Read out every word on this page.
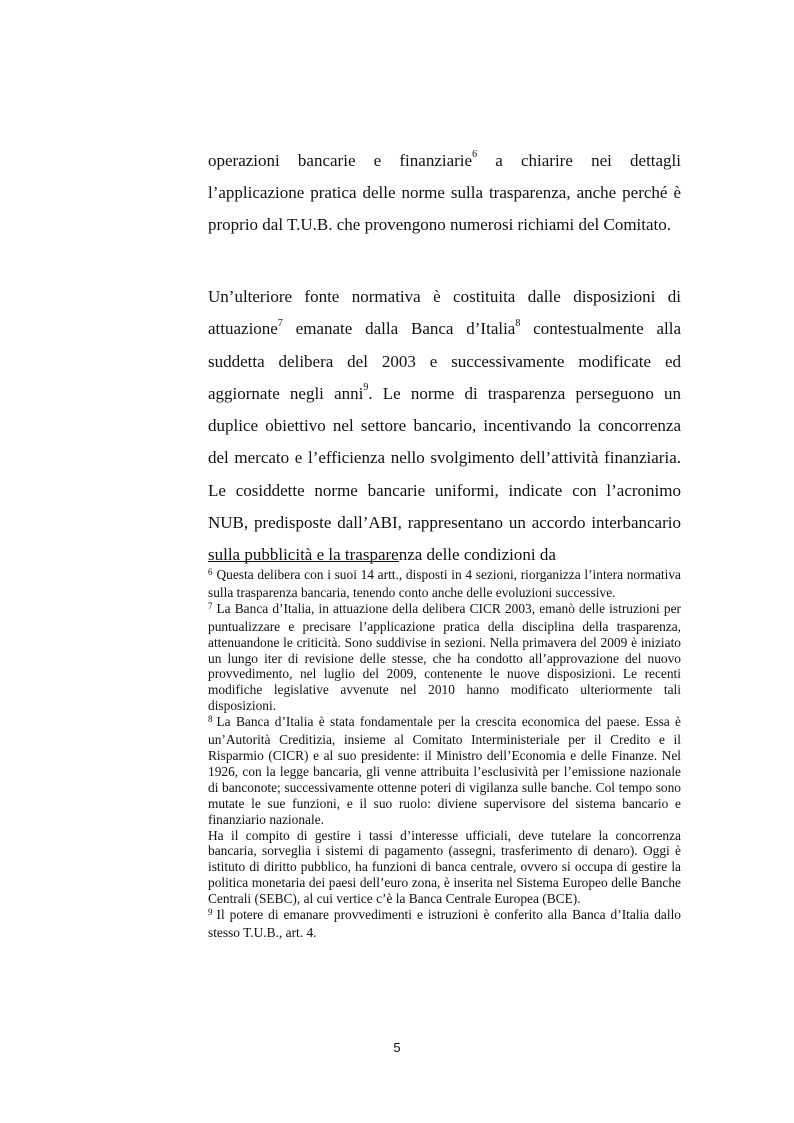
operazioni bancarie e finanziarie$^6$ a chiarire nei dettagli l’applicazione pratica delle norme sulla trasparenza, anche perché è proprio dal T.U.B. che provengono numerosi richiami del Comitato.

Un’ulteriore fonte normativa è costituita dalle disposizioni di attuazione$^7$ emanate dalla Banca d’Italia$^8$ contestualmente alla suddetta delibera del 2003 e successivamente modificate ed aggiornate negli anni$^9$. Le norme di trasparenza perseguono un duplice obiettivo nel settore bancario, incentivando la concorrenza del mercato e l’efficienza nello svolgimento dell’attività finanziaria. Le cosiddette norme bancarie uniformi, indicate con l’acronimo NUB, predisposte dall’ABI, rappresentano un accordo interbancario sulla pubblicità e la trasparenza delle condizioni da

$^6$ Questa delibera con i suoi 14 artt., disposti in 4 sezioni, riorganizza l’intera normativa sulla trasparenza bancaria, tenendo conto anche delle evoluzioni successive.

$^7$ La Banca d’Italia, in attuazione della delibera CICR 2003, emanò delle istruzioni per puntualizzare e precisare l’applicazione pratica della disciplina della trasparenza, attenuandone le criticità. Sono suddivise in sezioni. Nella primavera del 2009 è iniziato un lungo iter di revisione delle stesse, che ha condotto all’approvazione del nuovo provvedimento, nel luglio del 2009, contenente le nuove disposizioni. Le recenti modifiche legislative avvenute nel 2010 hanno modificato ulteriormente tali disposizioni.

$^8$ La Banca d’Italia è stata fondamentale per la crescita economica del paese. Essa è un’Autorità Creditizia, insieme al Comitato Interministeriale per il Credito e il Risparmio (CICR) e al suo presidente: il Ministro dell’Economia e delle Finanze. Nel 1926, con la legge bancaria, gli venne attribuita l’esclusività per l’emissione nazionale di banconote; successivamente ottenne poteri di vigilanza sulle banche. Col tempo sono mutate le sue funzioni, e il suo ruolo: diviene supervisore del sistema bancario e finanziario nazionale.

Ha il compito di gestire i tassi d’interesse ufficiali, deve tutelare la concorrenza bancaria, sorveglia i sistemi di pagamento (assegni, trasferimento di denaro). Oggi è istituto di diritto pubblico, ha funzioni di banca centrale, ovvero si occupa di gestire la politica monetaria dei paesi dell’euro zona, è inserita nel Sistema Europeo delle Banche Centrali (SEBC), al cui vertice c’è la Banca Centrale Europea (BCE).

$^9$ Il potere di emanare provvedimenti e istruzioni è conferito alla Banca d’Italia dallo stesso T.U.B., art. 4.

5
